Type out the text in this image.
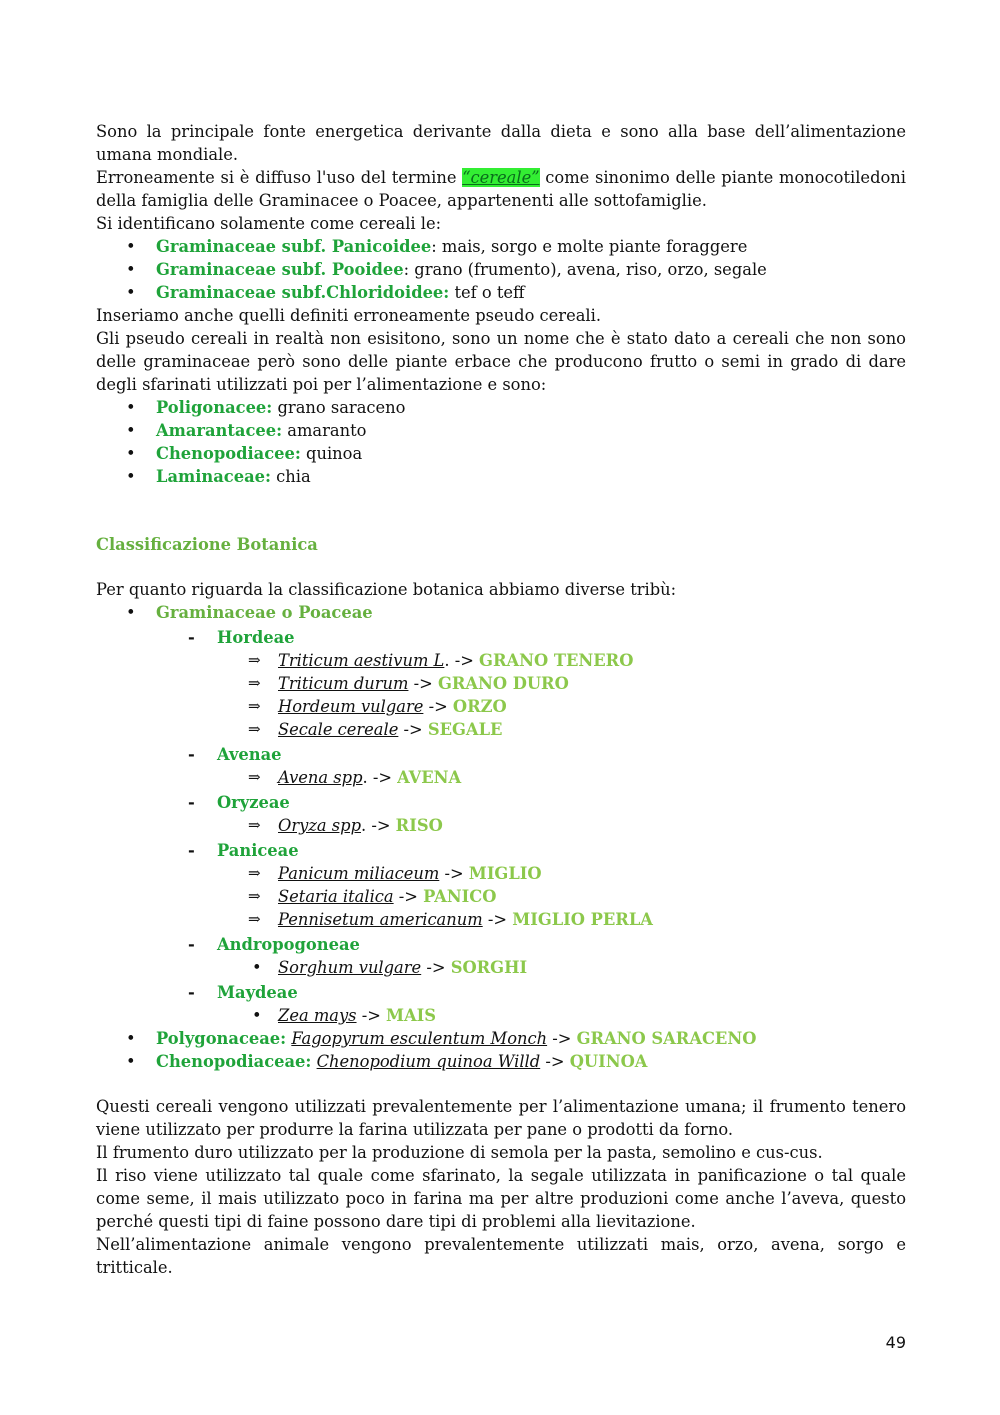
Sono la principale fonte energetica derivante dalla dieta e sono alla base dell’alimentazione umana mondiale.

Erroneamente si è diffuso l'uso del termine “cereale” come sinonimo delle piante monocotiledoni della famiglia delle Graminacee o Poacee, appartenenti alle sottofamiglie.

Si identificano solamente come cereali le:

• Graminaceae subf. Panicoidee: mais, sorgo e molte piante foraggere

• Graminaceae subf. Pooidee: grano (frumento), avena, riso, orzo, segale

• Graminaceae subf.Chloridoidee: tef o teff

Inseriamo anche quelli definiti erroneamente pseudo cereali.

Gli pseudo cereali in realtà non esisitono, sono un nome che è stato dato a cereali che non sono delle graminaceae però sono delle piante erbace che producono frutto o semi in grado di dare degli sfarinati utilizzati poi per l’alimentazione e sono:

• Poligonacee: grano saraceno

• Amarantacee: amaranto

• Chenopodiacee: quinoa

• Laminaceae: chia

Classificazione Botanica

Per quanto riguarda la classificazione botanica abbiamo diverse tribù:

• Graminaceae o Poaceae

- Hordeae

⇒ Triticum aestivum L. -> GRANO TENERO

⇒ Triticum durum -> GRANO DURO

⇒ Hordeum vulgare -> ORZO

⇒ Secale cereale -> SEGALE

- Avenae

⇒ Avena spp. -> AVENA

- Oryzeae

⇒ Oryza spp. -> RISO

- Paniceae

⇒ Panicum miliaceum -> MIGLIO

⇒ Setaria italica -> PANICO

⇒ Pennisetum americanum -> MIGLIO PERLA

- Andropogoneae

• Sorghum vulgare -> SORGHI

- Maydeae

• Zea mays -> MAIS

• Polygonaceae: Fagopyrum esculentum Monch -> GRANO SARACENO

• Chenopodiaceae: Chenopodium quinoa Willd -> QUINOA

Questi cereali vengono utilizzati prevalentemente per l’alimentazione umana; il frumento tenero viene utilizzato per produrre la farina utilizzata per pane o prodotti da forno.

Il frumento duro utilizzato per la produzione di semola per la pasta, semolino e cus-cus.

Il riso viene utilizzato tal quale come sfarinato, la segale utilizzata in panificazione o tal quale come seme, il mais utilizzato poco in farina ma per altre produzioni come anche l’aveva, questo perché questi tipi di faine possono dare tipi di problemi alla lievitazione.

Nell’alimentazione animale vengono prevalentemente utilizzati mais, orzo, avena, sorgo e tritticale.

49
